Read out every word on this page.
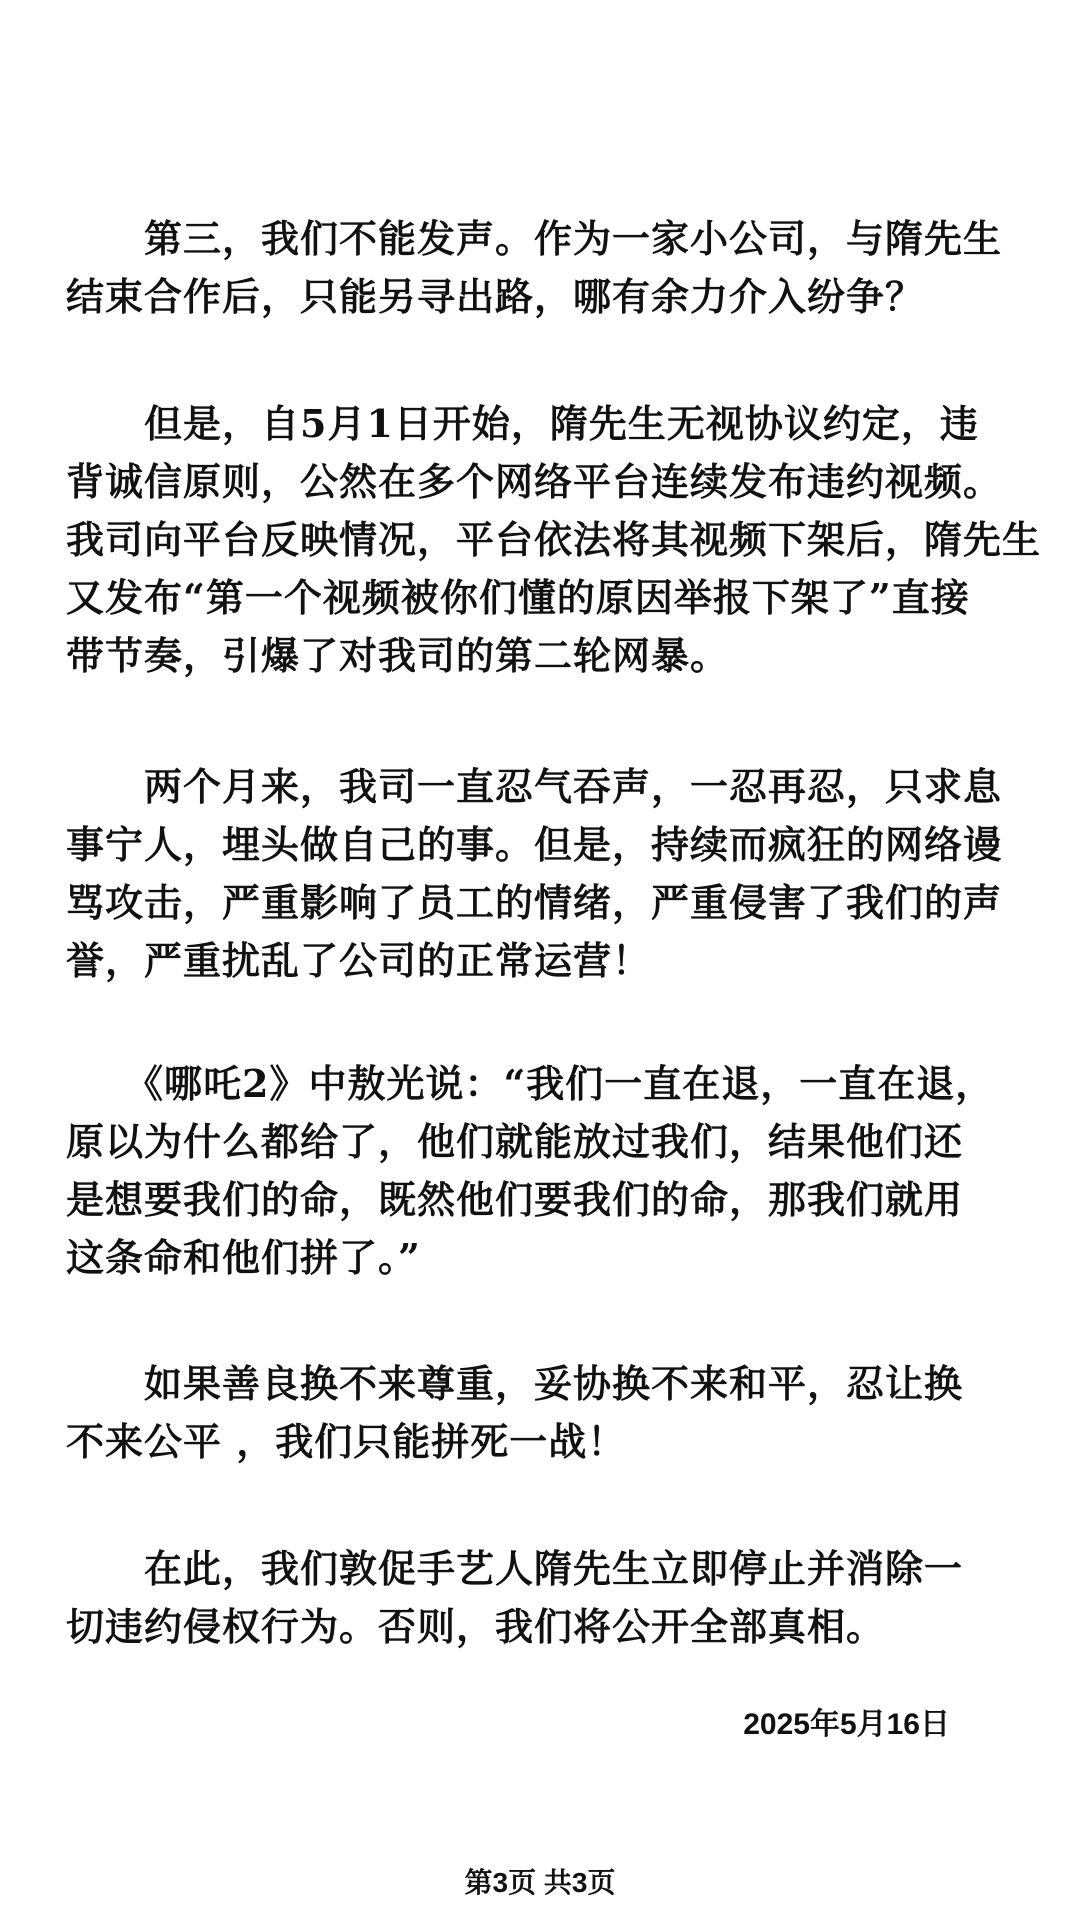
　　第三，我们不能发声。作为一家小公司，与隋先生
结束合作后，只能另寻出路，哪有余力介入纷争？
　　但是，自5月1日开始，隋先生无视协议约定，违
背诚信原则，公然在多个网络平台连续发布违约视频。
我司向平台反映情况，平台依法将其视频下架后，隋先生
又发布“第一个视频被你们懂的原因举报下架了”直接
带节奏，引爆了对我司的第二轮网暴。
　　两个月来，我司一直忍气吞声，一忍再忍，只求息
事宁人，埋头做自己的事。但是，持续而疯狂的网络谩
骂攻击，严重影响了员工的情绪，严重侵害了我们的声
誉，严重扰乱了公司的正常运营！
　　《哪吒2》中敖光说：“我们一直在退，一直在退，
原以为什么都给了，他们就能放过我们，结果他们还
是想要我们的命，既然他们要我们的命，那我们就用
这条命和他们拼了。”
　　如果善良换不来尊重，妥协换不来和平，忍让换
不来公平 ，我们只能拼死一战！
　　在此，我们敦促手艺人隋先生立即停止并消除一
切违约侵权行为。否则，我们将公开全部真相。
2025年5月16日
第3页 共3页
